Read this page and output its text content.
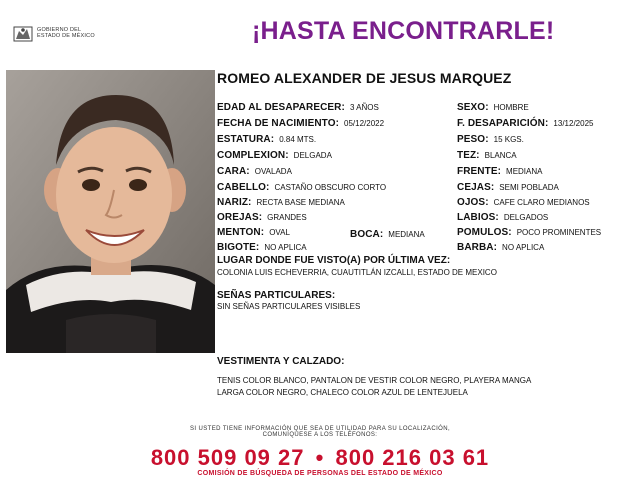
GOBIERNO DEL
ESTADO DE MÉXICO	¡HASTA ENCONTRARLE!
ROMEO ALEXANDER DE JESUS MARQUEZ
EDAD AL DESAPARECER: 3 AÑOS
FECHA DE NACIMIENTO: 05/12/2022
ESTATURA: 0.84 MTS.
COMPLEXION: DELGADA
CARA: OVALADA
CABELLO: CASTAÑO OBSCURO CORTO
NARIZ: RECTA BASE MEDIANA
OREJAS: GRANDES
MENTON: OVAL
BIGOTE: NO APLICA
BOCA: MEDIANA
SEXO: HOMBRE
F. DESAPARICIÓN: 13/12/2025
PESO: 15 KGS.
TEZ: BLANCA
FRENTE: MEDIANA
CEJAS: SEMI POBLADA
OJOS: CAFE CLARO MEDIANOS
LABIOS: DELGADOS
POMULOS: POCO PROMINENTES
BARBA: NO APLICA
LUGAR DONDE FUE VISTO(A) POR ÚLTIMA VEZ:
COLONIA LUIS ECHEVERRIA, CUAUTITLÁN IZCALLI, ESTADO DE MEXICO
SEÑAS PARTICULARES:
SIN SEÑAS PARTICULARES VISIBLES
VESTIMENTA Y CALZADO:
TENIS COLOR BLANCO, PANTALON DE VESTIR COLOR NEGRO, PLAYERA MANGA
LARGA COLOR NEGRO, CHALECO COLOR AZUL DE LENTEJUELA
SI USTED TIENE INFORMACIÓN QUE SEA DE UTILIDAD PARA SU LOCALIZACIÓN,
COMUNÍQUESE A LOS TELÉFONOS:
800 509 09 27 • 800 216 03 61
COMISIÓN DE BÚSQUEDA DE PERSONAS DEL ESTADO DE MÉXICO
